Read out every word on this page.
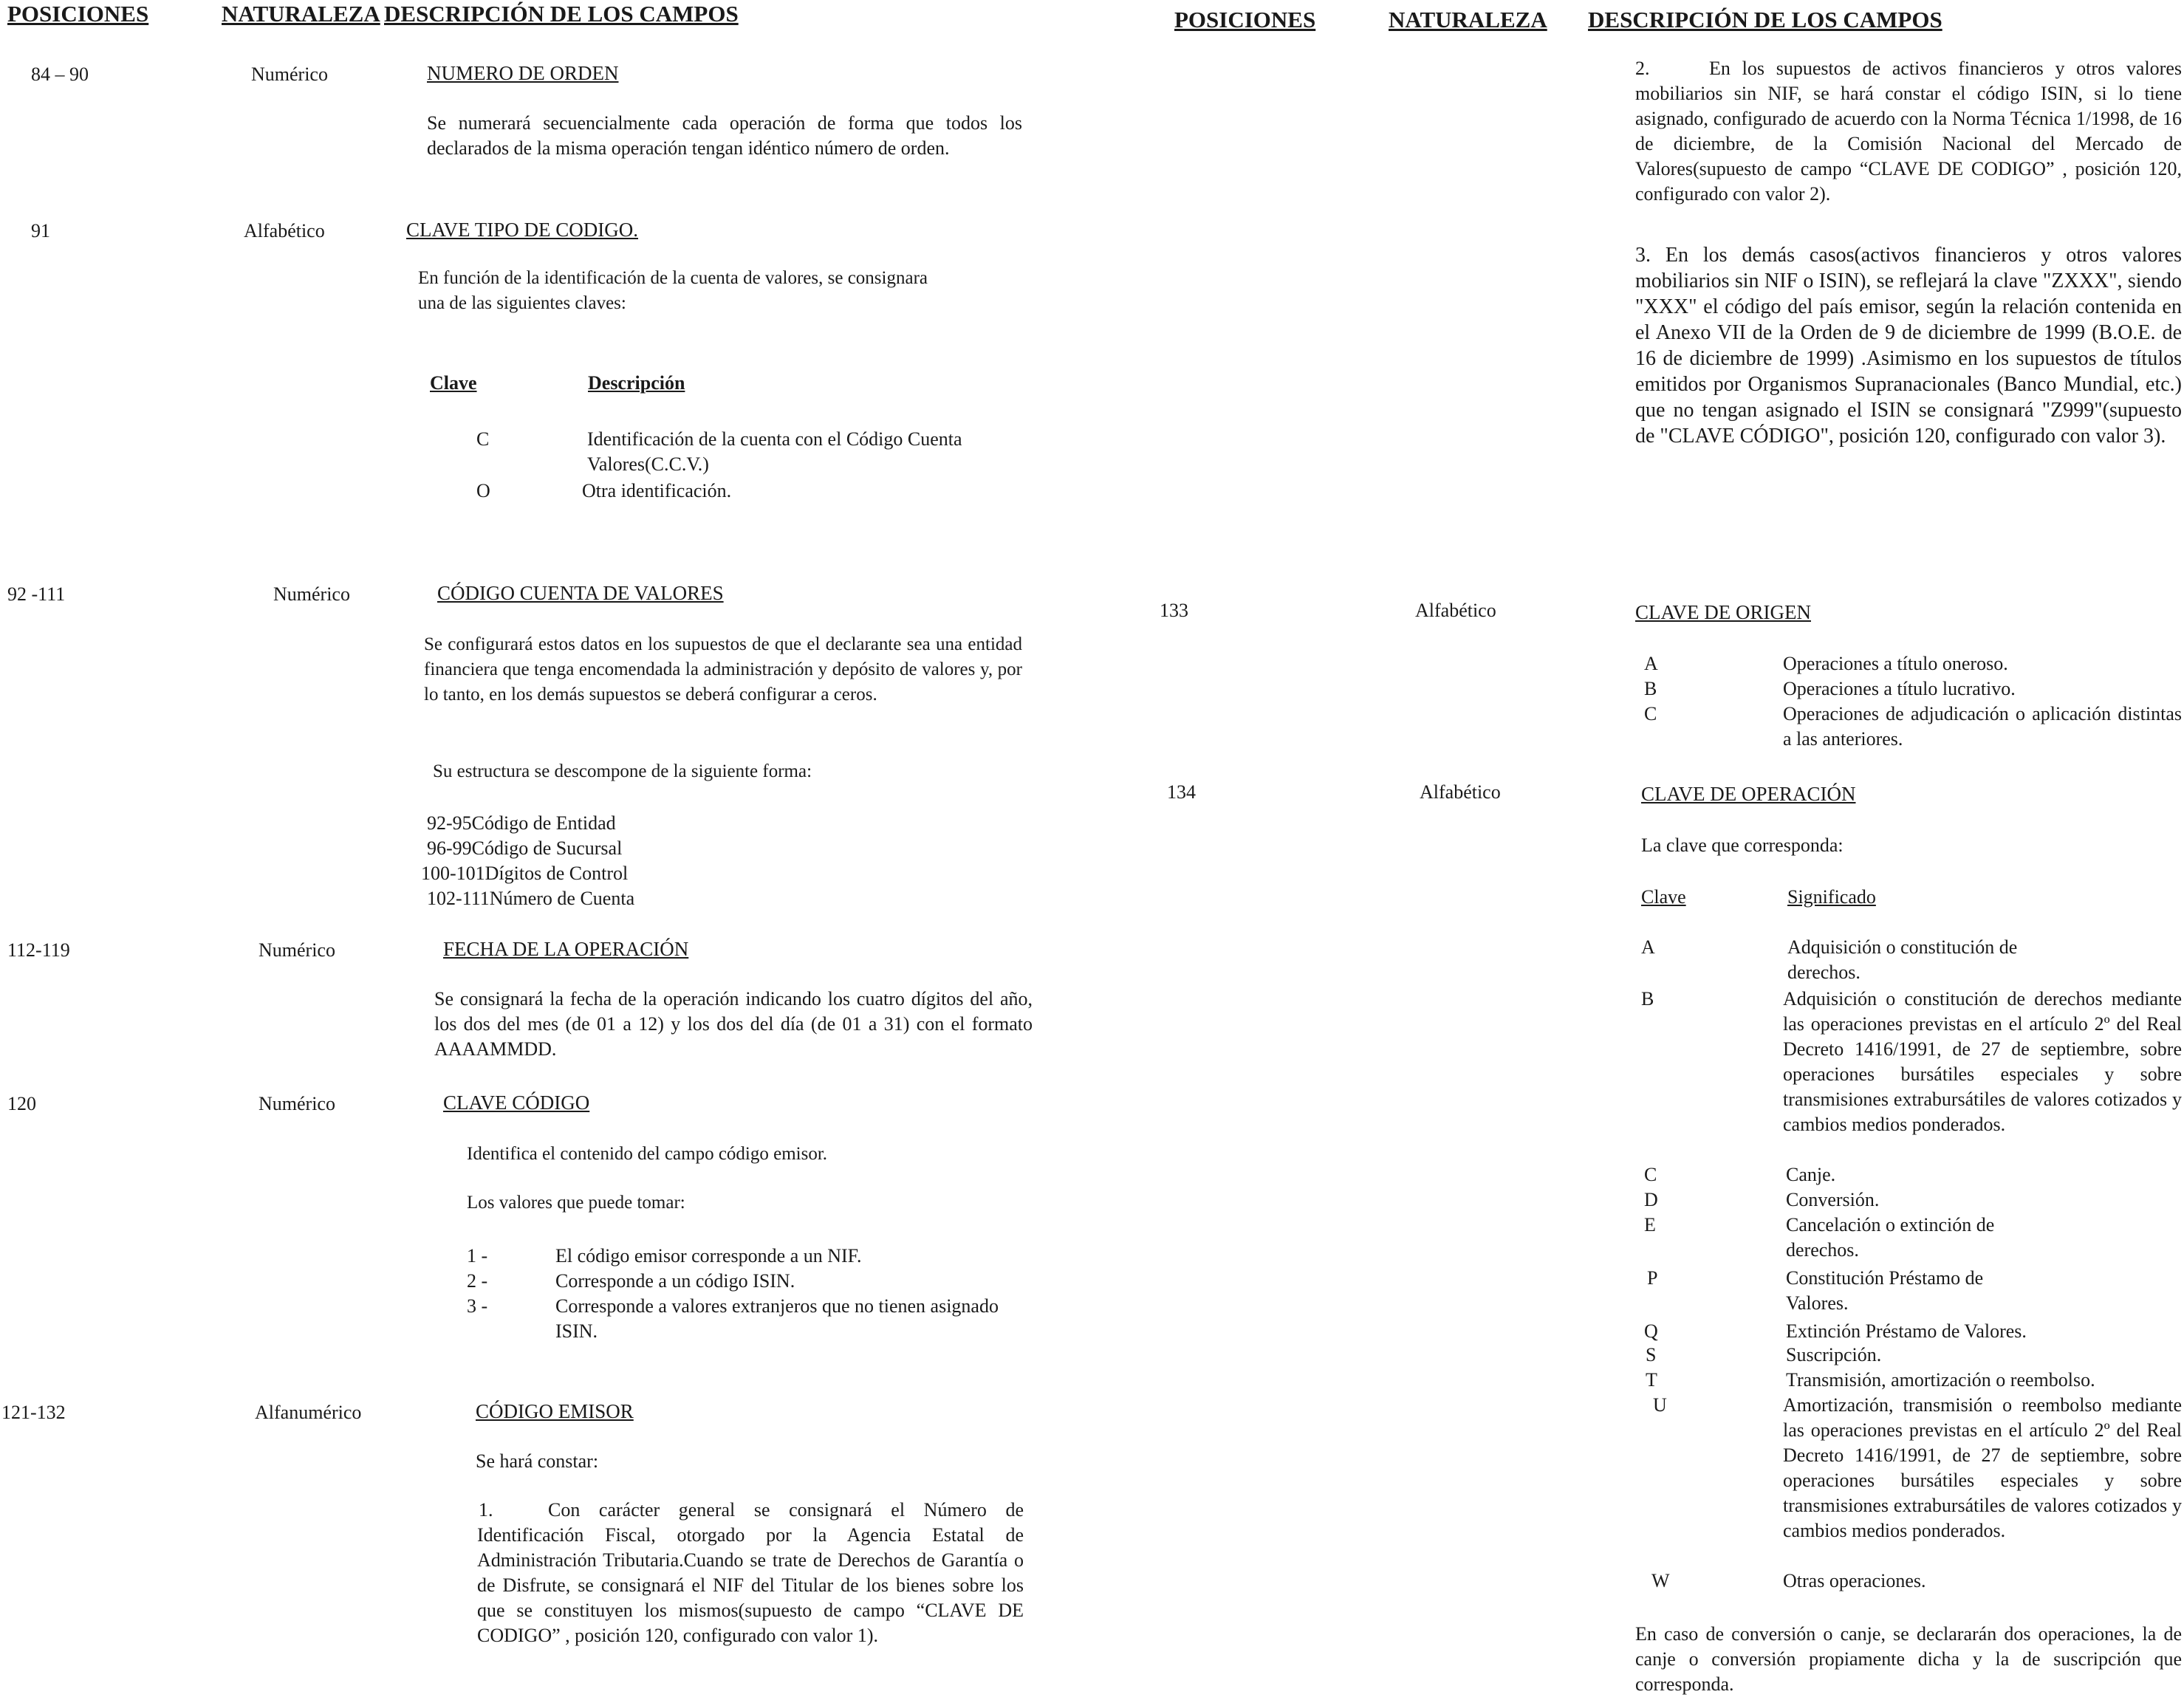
POSICIONES	NATURALEZA DESCRIPCIÓN DE LOS CAMPOS	POSICIONES	NATURALEZA DESCRIPCIÓN DE LOS CAMPOS
84 – 90	Numérico	NUMERO DE ORDEN
Se numerará secuencialmente cada operación de forma que todos los declarados de la misma operación tengan idéntico número de orden.
91	Alfabético	CLAVE TIPO DE CODIGO.
En función de la identificación de la cuenta de valores, se consignara una de las siguientes claves:
Clave	Descripción
C	Identificación de la cuenta con el Código Cuenta Valores(C.C.V.)
O	Otra identificación.
92 -111	Numérico	CÓDIGO CUENTA DE VALORES
Se configurará estos datos en los supuestos de que el declarante sea una entidad financiera que tenga encomendada la administración y depósito de valores y, por lo tanto, en los demás supuestos se deberá configurar a ceros.
Su estructura se descompone de la siguiente forma:
92-95Código de Entidad
96-99Código de Sucursal
100-101Dígitos de Control
102-111Número de Cuenta
112-119	Numérico	FECHA DE LA OPERACIÓN
Se consignará la fecha de la operación indicando los cuatro dígitos del año, los dos del mes (de 01 a 12) y los dos del día (de 01 a 31) con el formato AAAAMMDD.
120	Numérico	CLAVE CÓDIGO
Identifica el contenido del campo código emisor.
Los valores que puede tomar:
1 -	El código emisor corresponde a un NIF.
2 -	Corresponde a un código ISIN.
3 -	Corresponde a valores extranjeros que no tienen asignado ISIN.
121-132	Alfanumérico	CÓDIGO EMISOR
Se hará constar:
1.	Con carácter general se consignará el Número de Identificación Fiscal, otorgado por la Agencia Estatal de Administración Tributaria.Cuando se trate de Derechos de Garantía o de Disfrute, se consignará el NIF del Titular de los bienes sobre los que se constituyen los mismos(supuesto de campo “CLAVE DE CODIGO” , posición 120, configurado con valor 1).
2.	En los supuestos de activos financieros y otros valores mobiliarios sin NIF, se hará constar el código ISIN, si lo tiene asignado, configurado de acuerdo con la Norma Técnica 1/1998, de 16 de diciembre, de la Comisión Nacional del Mercado de Valores(supuesto de campo “CLAVE DE CODIGO” , posición 120, configurado con valor 2).
3. En los demás casos(activos financieros y otros valores mobiliarios sin NIF o ISIN), se reflejará la clave "ZXXX", siendo "XXX" el código del país emisor, según la relación contenida en el Anexo VII de la Orden de 9 de diciembre de 1999 (B.O.E. de 16 de diciembre de 1999) .Asimismo en los supuestos de títulos emitidos por Organismos Supranacionales (Banco Mundial, etc.) que no tengan asignado el ISIN se consignará "Z999"(supuesto de "CLAVE CÓDIGO", posición 120, configurado con valor 3).
133	Alfabético	CLAVE DE ORIGEN
A	Operaciones a título oneroso.
B	Operaciones a título lucrativo.
C	Operaciones de adjudicación o aplicación distintas a las anteriores.
134	Alfabético	CLAVE DE OPERACIÓN
La clave que corresponda:
Clave	Significado
A	Adquisición o constitución de derechos.
B	Adquisición o constitución de derechos mediante las operaciones previstas en el artículo 2º del Real Decreto 1416/1991, de 27 de septiembre, sobre operaciones bursátiles especiales y sobre transmisiones extrabursátiles de valores cotizados y cambios medios ponderados.
C	Canje.
D	Conversión.
E	Cancelación o extinción de derechos.
P	Constitución Préstamo de Valores.
Q	Extinción Préstamo de Valores.
S	Suscripción.
T	Transmisión, amortización o reembolso.
U	Amortización, transmisión o reembolso mediante las operaciones previstas en el artículo 2º del Real Decreto 1416/1991, de 27 de septiembre, sobre operaciones bursátiles especiales y sobre transmisiones extrabursátiles de valores cotizados y cambios medios ponderados.
W	Otras operaciones.
En caso de conversión o canje, se declararán dos operaciones, la de canje o conversión propiamente dicha y la de suscripción que corresponda.
